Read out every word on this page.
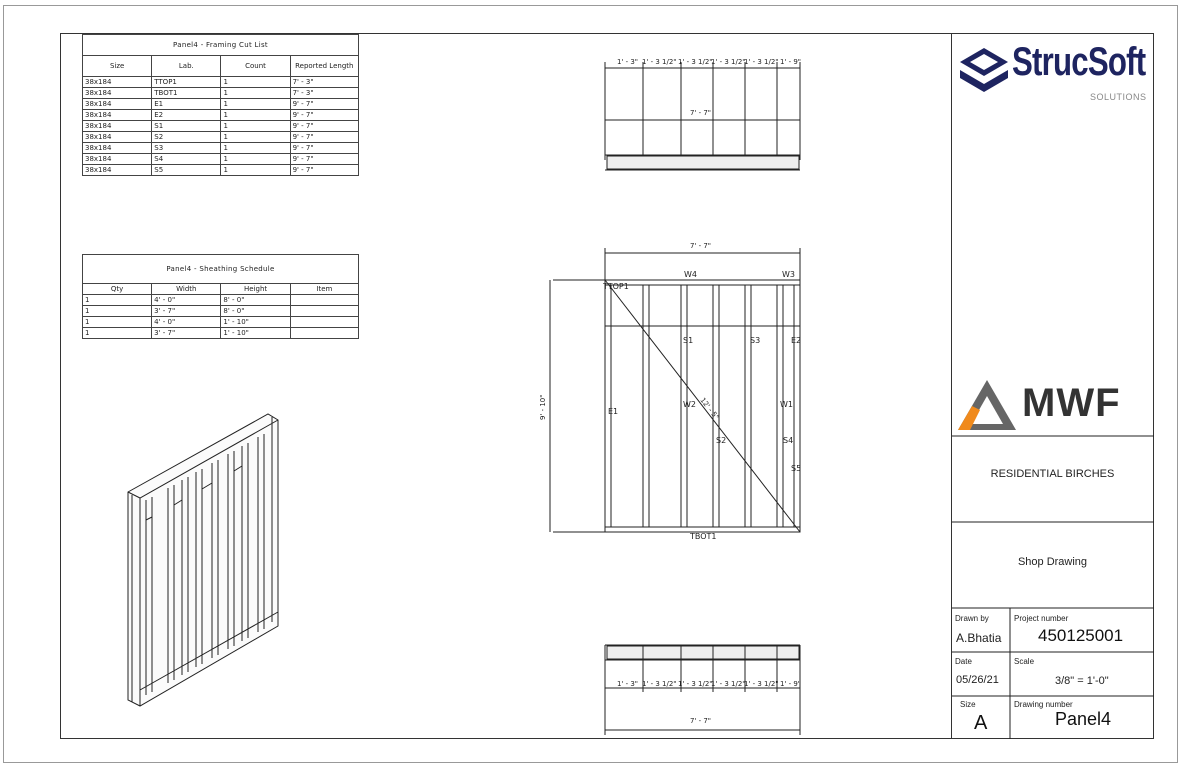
Panel4 - Framing Cut List			
Size	Lab.	Count	Reported Length
38x184	TTOP1	1	7' - 3"
38x184	TBOT1	1	7' - 3"
38x184	E1	1	9' - 7"
38x184	E2	1	9' - 7"
38x184	S1	1	9' - 7"
38x184	S2	1	9' - 7"
38x184	S3	1	9' - 7"
38x184	S4	1	9' - 7"
38x184	S5	1	9' - 7"
Panel4 - Sheathing Schedule			
Qty	Width	Height	Item
1	4' - 0"	8' - 0"	
1	3' - 7"	8' - 0"	
1	4' - 0"	1' - 10"	
1	3' - 7"	1' - 10"	
1' - 3" 1' - 3 1/2" 1' - 3 1/2"
1' - 3 1/2"
1' - 3 1/2" 1' - 9"
7' - 7"
7' - 7"
9' - 10"	12' - 5"
TTOP1
TBOT1
W4	W3
W2	W1
S1
S2
S3
S4
S5
E1
E2
1' - 3" 1' - 3 1/2" 1' - 3 1/2"
1' - 3 1/2"
1' - 3 1/2" 1' - 9"
7' - 7"
StrucSoft
SOLUTIONS
MWF
RESIDENTIAL BIRCHES
Shop Drawing
Drawn by
A.Bhatia
Project number
450125001
Date
05/26/21
Scale
3/8" = 1'-0"
Size
A
Drawing number
Panel4
